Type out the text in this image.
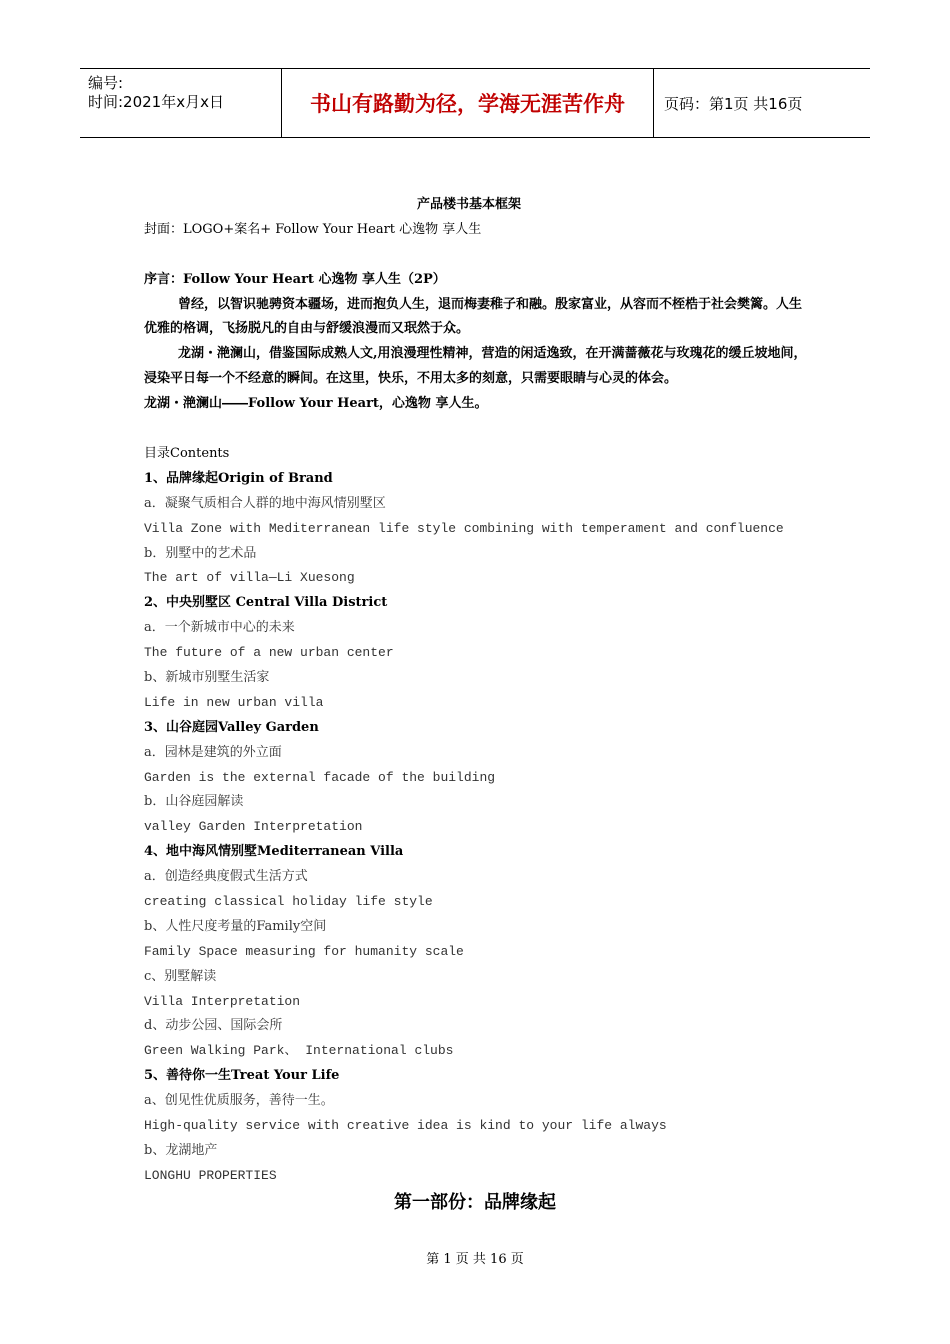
编号:
时间:2021年x月x日	书山有路勤为径，学海无涯苦作舟	页码：第1页 共16页
产品楼书基本框架
封面：LOGO+案名+ Follow Your Heart 心逸物 享人生
序言：Follow Your Heart 心逸物 享人生（2P）
曾经，以智识驰骋资本疆场，进而抱负人生，退而梅妻稚子和融。殷家富业，从容而不桎梏于社会樊篱。人生优雅的格调，飞扬脱凡的自由与舒缓浪漫而又珉然于众。
龙湖・滟澜山，借鉴国际成熟人文,用浪漫理性精神，营造的闲适逸致，在开满蔷薇花与玫瑰花的缓丘坡地间，浸染平日每一个不经意的瞬间。在这里，快乐，不用太多的刻意，只需要眼睛与心灵的体会。
龙湖・滟澜山――Follow Your Heart，心逸物 享人生。
目录Contents
1、品牌缘起Origin of Brand
a．凝聚气质相合人群的地中海风情别墅区
Villa Zone with Mediterranean life style combining with temperament and confluence
b．别墅中的艺术品
The art of villa—Li Xuesong
2、中央别墅区 Central Villa District
a．一个新城市中心的未来
The future of a new urban center
b、新城市别墅生活家
Life in new urban villa
3、山谷庭园Valley Garden
a．园林是建筑的外立面
Garden is the external facade of the building
b．山谷庭园解读
valley Garden Interpretation
4、地中海风情别墅Mediterranean Villa
a．创造经典度假式生活方式
creating classical holiday life style
b、人性尺度考量的Family空间
Family Space measuring for humanity scale
c、别墅解读
Villa Interpretation
d、动步公园、国际会所
Green Walking Park、 International clubs
5、善待你一生Treat Your Life
a、创见性优质服务，善待一生。
High-quality service with creative idea is kind to your life always
b、龙湖地产
LONGHU PROPERTIES
第一部份：品牌缘起
第 1 页 共 16 页
